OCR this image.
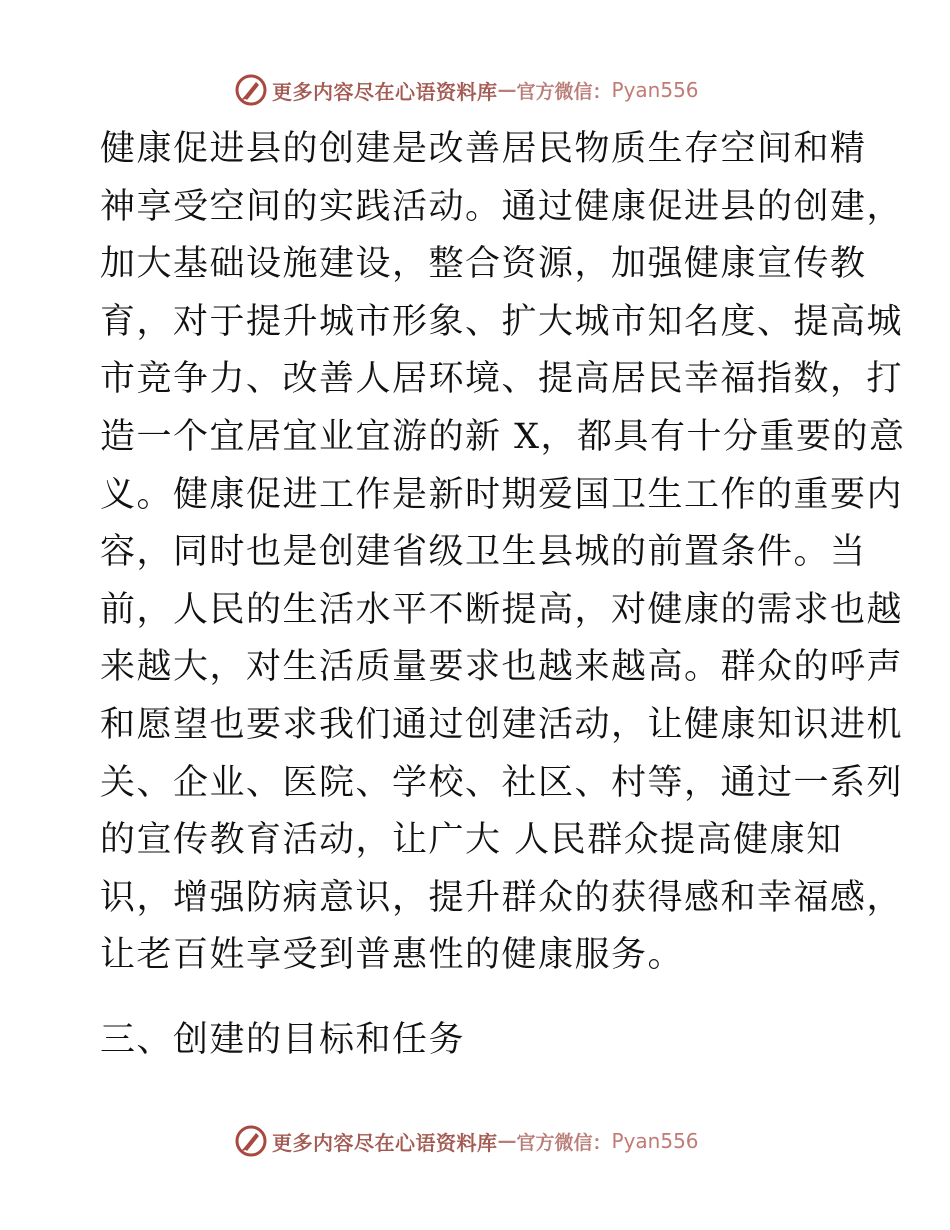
更多内容尽在心语资料库 — 官方微信： Pyan556
健康促进县的创建是改善居民物质生存空间和精
神享受空间的实践活动。通过健康促进县的创建，
加大基础设施建设，整合资源，加强健康宣传教
育，对于提升城市形象、扩大城市知名度、提高城
市竞争力、改善人居环境、提高居民幸福指数，打
造一个宜居宜业宜游的新 X，都具有十分重要的意
义。健康促进工作是新时期爱国卫生工作的重要内
容，同时也是创建省级卫生县城的前置条件。当
前，人民的生活水平不断提高，对健康的需求也越
来越大，对生活质量要求也越来越高。群众的呼声
和愿望也要求我们通过创建活动，让健康知识进机
关、企业、医院、学校、社区、村等，通过一系列
的宣传教育活动，让广大 人民群众提高健康知
识，增强防病意识，提升群众的获得感和幸福感，
让老百姓享受到普惠性的健康服务。
三、创建的目标和任务
更多内容尽在心语资料库 — 官方微信： Pyan556
